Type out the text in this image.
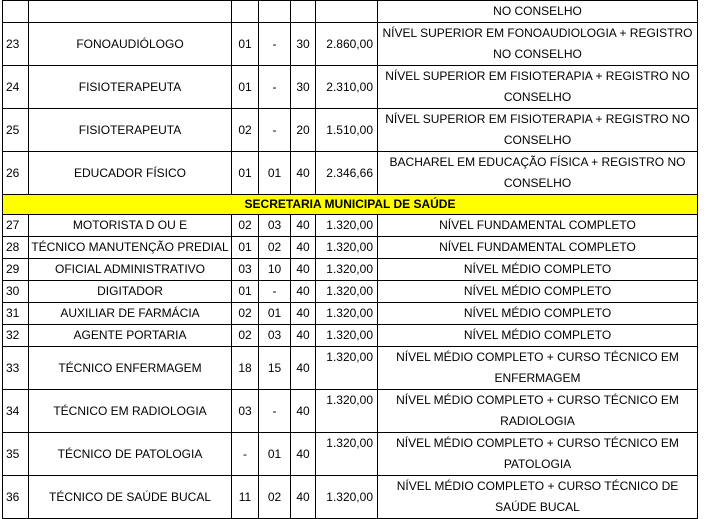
						NO CONSELHO
23	FONOAUDIÓLOGO	01	-	30	2.860,00	NÍVEL SUPERIOR EM FONOAUDIOLOGIA + REGISTRO NO CONSELHO
24	FISIOTERAPEUTA	01	-	30	2.310,00	NÍVEL SUPERIOR EM FISIOTERAPIA + REGISTRO NO CONSELHO
25	FISIOTERAPEUTA	02	-	20	1.510,00	NÍVEL SUPERIOR EM FISIOTERAPIA + REGISTRO NO CONSELHO
26	EDUCADOR FÍSICO	01	01	40	2.346,66	BACHAREL EM EDUCAÇÃO FÍSICA + REGISTRO NO CONSELHO
SECRETARIA MUNICIPAL DE SAÚDE						
27	MOTORISTA D OU E	02	03	40	1.320,00	NÍVEL FUNDAMENTAL COMPLETO
28	TÉCNICO MANUTENÇÃO PREDIAL	01	02	40	1.320,00	NÍVEL FUNDAMENTAL COMPLETO
29	OFICIAL ADMINISTRATIVO	03	10	40	1.320,00	NÍVEL MÉDIO COMPLETO
30	DIGITADOR	01	-	40	1.320,00	NÍVEL MÉDIO COMPLETO
31	AUXILIAR DE FARMÁCIA	02	01	40	1.320,00	NÍVEL MÉDIO COMPLETO
32	AGENTE PORTARIA	02	03	40	1.320,00	NÍVEL MÉDIO COMPLETO
33	TÉCNICO ENFERMAGEM	18	15	40	1.320,00	NÍVEL MÉDIO COMPLETO + CURSO TÉCNICO EM ENFERMAGEM
34	TÉCNICO EM RADIOLOGIA	03	-	40	1.320,00	NÍVEL MÉDIO COMPLETO + CURSO TÉCNICO EM RADIOLOGIA
35	TÉCNICO DE PATOLOGIA	-	01	40	1.320,00	NÍVEL MÉDIO COMPLETO + CURSO TÉCNICO EM PATOLOGIA
36	TÉCNICO DE SAÚDE BUCAL	11	02	40	1.320,00	NÍVEL MÉDIO COMPLETO + CURSO TÉCNICO DE SAÚDE BUCAL
